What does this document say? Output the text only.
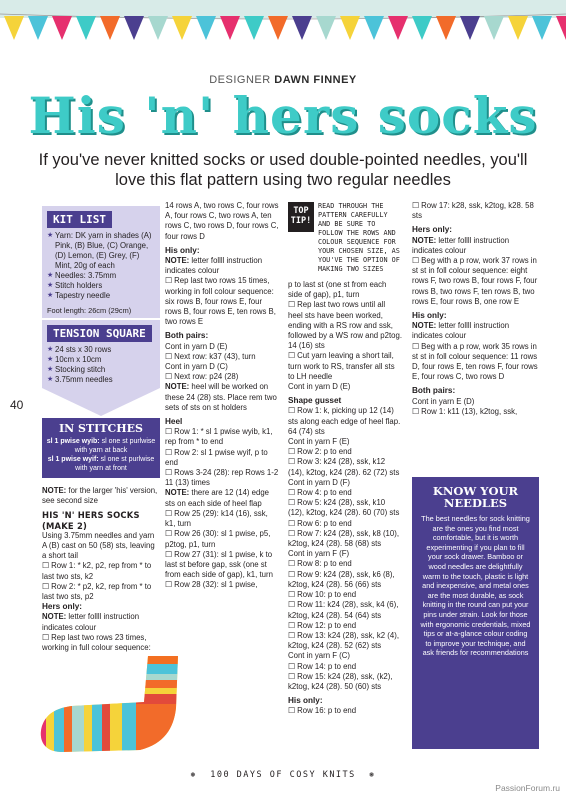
DESIGNER DAWN FINNEY
His 'n' hers socks
If you've never knitted socks or used double-pointed needles, you'll love this flat pattern using two regular needles
40
KIT LIST
★ Yarn: DK yarn in shades (A) Pink, (B) Blue, (C) Orange, (D) Lemon, (E) Grey, (F) Mint, 20g of each
★ Needles: 3.75mm
★ Stitch holders
★ Tapestry needle

Foot length: 26cm (29cm)

TENSION SQUARE
★ 24 sts x 30 rows
★ 10cm x 10cm
★ Stocking stitch
★ 3.75mm needles
IN STITCHES

sl 1 pwise wyib: sl one st purlwise with yarn at back

sl 1 pwise wyif: sl one st purlwise with yarn at front

NOTE: for the larger 'his' version, see second size

HIS 'N' HERS SOCKS (MAKE 2)

Using 3.75mm needles and yarn A (B) cast on 50 (58) sts, leaving a short tail

☐ Row 1: * k2, p2, rep from * to last two sts, k2

☐ Row 2: * p2, k2, rep from * to last two sts, p2

Hers only:

NOTE: letter follll instruction indicates colour

☐ Rep last two rows 23 times, working in full colour sequence:

14 rows A, two rows C, four rows A, four rows C, two rows A, ten rows C, two rows D, four rows C, four rows D

His only:

NOTE: letter follll instruction indicates colour

☐ Rep last two rows 15 times, working in foll colour sequence: six rows B, four rows E, four rows B, four rows E, ten rows B, two rows E

Both pairs:

Cont in yarn D (E)

☐ Next row: k37 (43), turn

Cont in yarn D (C)

☐ Next row: p24 (28)

NOTE: heel will be worked on these 24 (28) sts. Place rem two sets of sts on st holders

Heel

☐ Row 1: * sl 1 pwise wyib, k1, rep from * to end

☐ Row 2: sl 1 pwise wyif, p to end

☐ Rows 3-24 (28): rep Rows 1-2 11 (13) times

NOTE: there are 12 (14) edge sts on each side of heel flap

☐ Row 25 (29): k14 (16), ssk, k1, turn

☐ Row 26 (30): sl 1 pwise, p5, p2tog, p1, turn

☐ Row 27 (31): sl 1 pwise, k to last st before gap, ssk (one st from each side of gap), k1, turn

☐ Row 28 (32): sl 1 pwise,

TOP TIP!
READ THROUGH THE PATTERN CAREFULLY AND BE SURE TO FOLLOW THE ROWS AND COLOUR SEQUENCE FOR YOUR CHOSEN SIZE, AS YOU'VE THE OPTION OF MAKING TWO SIZES

p to last st (one st from each side of gap), p1, turn

☐ Rep last two rows until all heel sts have been worked, ending with a RS row and ssk, followed by a WS row and p2tog. 14 (16) sts

☐ Cut yarn leaving a short tail, turn work to RS, transfer all sts to LH needle

Cont in yarn D (E)

Shape gusset

☐ Row 1: k, picking up 12 (14) sts along each edge of heel flap. 64 (74) sts

Cont in yarn F (E)

☐ Row 2: p to end

☐ Row 3: k24 (28), ssk, k12 (14), k2tog, k24 (28). 62 (72) sts

Cont in yarn D (F)

☐ Row 4: p to end

☐ Row 5: k24 (28), ssk, k10 (12), k2tog, k24 (28). 60 (70) sts

☐ Row 6: p to end

☐ Row 7: k24 (28), ssk, k8 (10), k2tog, k24 (28). 58 (68) sts

Cont in yarn F (F)

☐ Row 8: p to end

☐ Row 9: k24 (28), ssk, k6 (8), k2tog, k24 (28). 56 (66) sts

☐ Row 10: p to end

☐ Row 11: k24 (28), ssk, k4 (6), k2tog, k24 (28). 54 (64) sts

☐ Row 12: p to end

☐ Row 13: k24 (28), ssk, k2 (4), k2tog, k24 (28). 52 (62) sts

Cont in yarn F (C)

☐ Row 14: p to end

☐ Row 15: k24 (28), ssk, (k2), k2tog, k24 (28). 50 (60) sts

His only:

☐ Row 16: p to end

☐ Row 17: k28, ssk, k2tog, k28. 58 sts

Hers only:

NOTE: letter follll instruction indicates colour

☐ Beg with a p row, work 37 rows in st st in foll colour sequence: eight rows F, two rows B, four rows F, four rows B, two rows F, ten rows B, two rows E, four rows B, one row E

His only:

NOTE: letter follll instruction indicates colour

☐ Beg with a p row, work 35 rows in st st in foll colour sequence: 11 rows D, four rows E, ten rows F, four rows E, four rows C, two rows D

Both pairs:

Cont in yarn E (D)

☐ Row 1: k11 (13), k2tog, ssk,

KNOW YOUR NEEDLES

The best needles for sock knitting are the ones you find most comfortable, but it is worth experimenting if you plan to fill your sock drawer. Bamboo or wood needles are delightfully warm to the touch, plastic is light and inexpensive, and metal ones are the most durable, as sock knitting in the round can put your pins under strain. Look for those with ergonomic credentials, mixed tips or at-a-glance colour coding to improve your technique, and ask friends for recommendations

❅ 100 DAYS OF COSY KNITS ❅
PassionForum.ru
